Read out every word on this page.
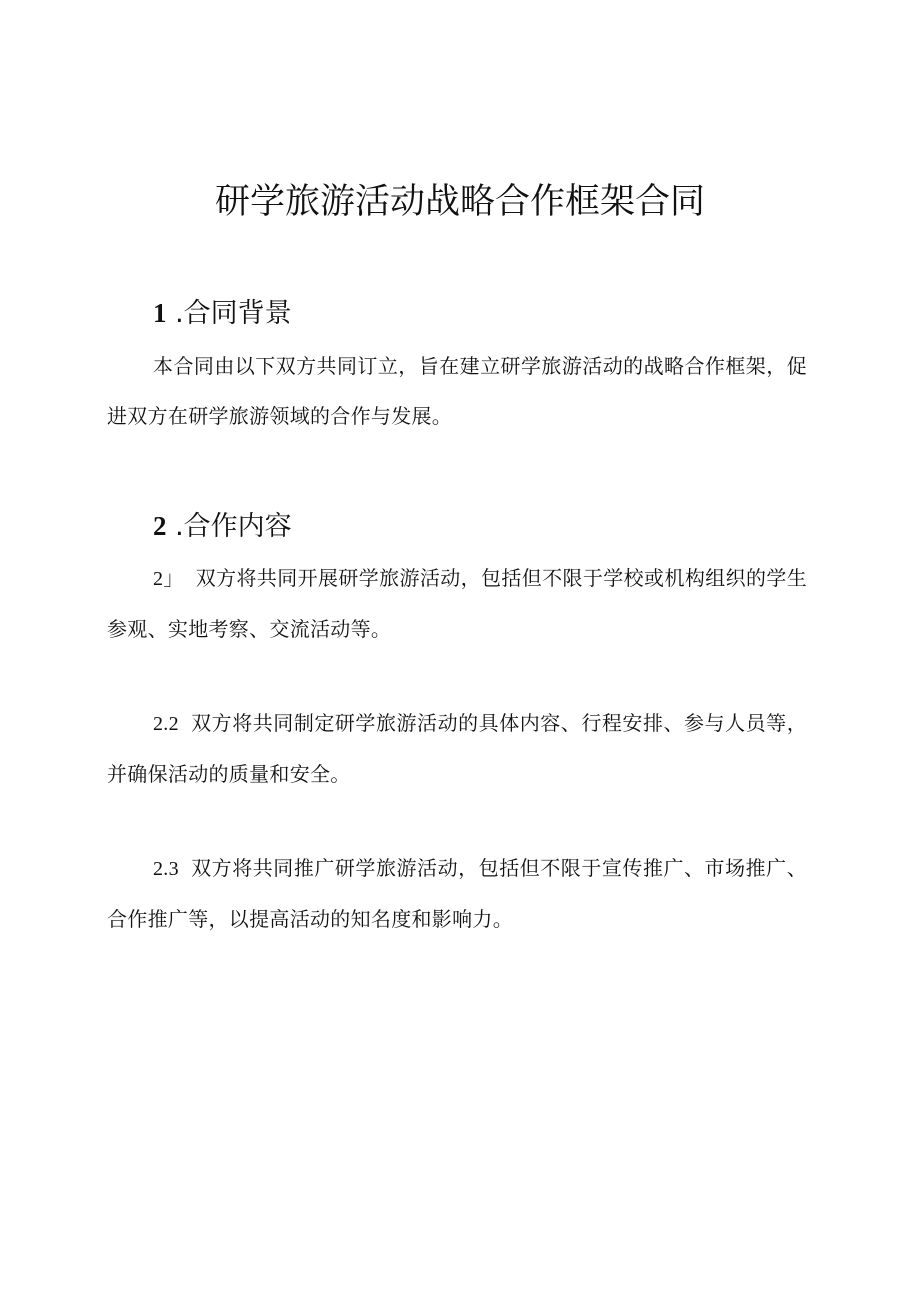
研学旅游活动战略合作框架合同
1 .合同背景

本合同由以下双方共同订立，旨在建立研学旅游活动的战略合作框架，促进双方在研学旅游领域的合作与发展。

2 .合作内容

2」 双方将共同开展研学旅游活动，包括但不限于学校或机构组织的学生参观、实地考察、交流活动等。

2.2 双方将共同制定研学旅游活动的具体内容、行程安排、参与人员等，并确保活动的质量和安全。

2.3 双方将共同推广研学旅游活动，包括但不限于宣传推广、市场推广、合作推广等，以提高活动的知名度和影响力。
